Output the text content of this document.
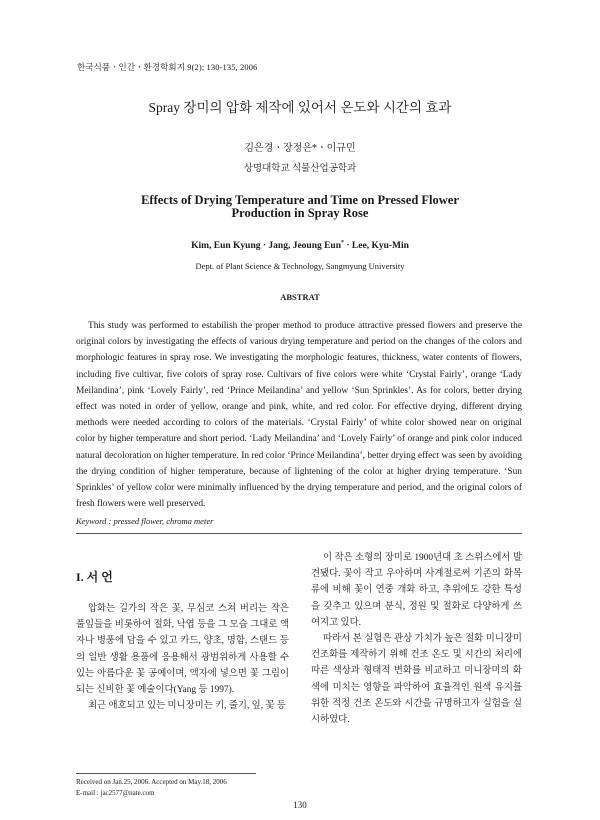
한국식품ㆍ인간ㆍ환경학회지 9(2); 130-135, 2006
Spray 장미의 압화 제작에 있어서 온도와 시간의 효과
김은경ㆍ장정은*ㆍ이규민
상명대학교 식물산업공학과
Effects of Drying Temperature and Time on Pressed Flower Production in Spray Rose
Kim, Eun Kyung · Jang, Jeoung Eun* · Lee, Kyu-Min
Dept. of Plant Science & Technology, Sangmyung University
ABSTRAT

This study was performed to estabilish the proper method to produce attractive pressed flowers and preserve the original colors by investigating the effects of various drying temperature and period on the changes of the colors and morphologic features in spray rose. We investigating the morphologic features, thickness, water contents of flowers, including five cultivar, five colors of spray rose. Cultivars of five colors were white ‘Crystal Fairly’, orange ‘Lady Meilandina’, pink ‘Lovely Fairly’, red ‘Prince Meilandina’ and yellow ‘Sun Sprinkles’. As for colors, better drying effect was noted in order of yellow, orange and pink, white, and red color. For effective drying, different drying methods were needed according to colors of the materials. ‘Crystal Fairly’ of white color showed near on original color by higher temperature and short period. ‘Lady Meilandina’ and ‘Lovely Fairly’ of orange and pink color induced natural decoloration on higher temperature. In red color ‘Prince Meilandina’, better drying effect was seen by avoiding the drying condition of higher temperature, because of lightening of the color at higher drying temperature. ‘Sun Sprinkles’ of yellow color were minimally influenced by the drying temperature and period, and the original colors of fresh flowers were well preserved.

Keyword : pressed flower, chroma meter
I. 서 언

압화는 길가의 작은 꽃, 무심코 스쳐 버리는 작은 풀잎들을 비롯하여 절화, 낙엽 등을 그 모습 그대로 액자나 병풍에 담을 수 있고 카드, 양초, 명함, 스탠드 등의 일반 생활 용품에 응용해서 광범위하게 사용할 수 있는 아름다운 꽃 공예이며, 액자에 넣으면 꽃 그림이 되는 신비한 꽃 예술이다(Yang 등 1997).

최근 애호되고 있는 미니장미는 키, 줄기, 잎, 꽃 등

이 작은 소형의 장미로 1900년대 초 스위스에서 발견됐다. 꽃이 작고 우아하며 사계절로써 기존의 화목류에 비해 꽃이 연중 개화 하고, 추위에도 강한 특성을 갖추고 있으며 분식, 정원 및 절화로 다양하게 쓰여지고 있다.

따라서 본 실험은 관상 가치가 높은 절화 미니장미 건조화를 제작하기 위해 건조 온도 및 시간의 처리에 따른 색상과 형태적 변화를 비교하고 미니장미의 화색에 미치는 영향을 파악하여 효율적인 원색 유지를 위한 적정 건조 온도와 시간을 규명하고자 실험을 실시하였다.

Received on Jan.25, 2006. Accepted on May.18, 2006
E-mail : jac2577@nate.com
130
